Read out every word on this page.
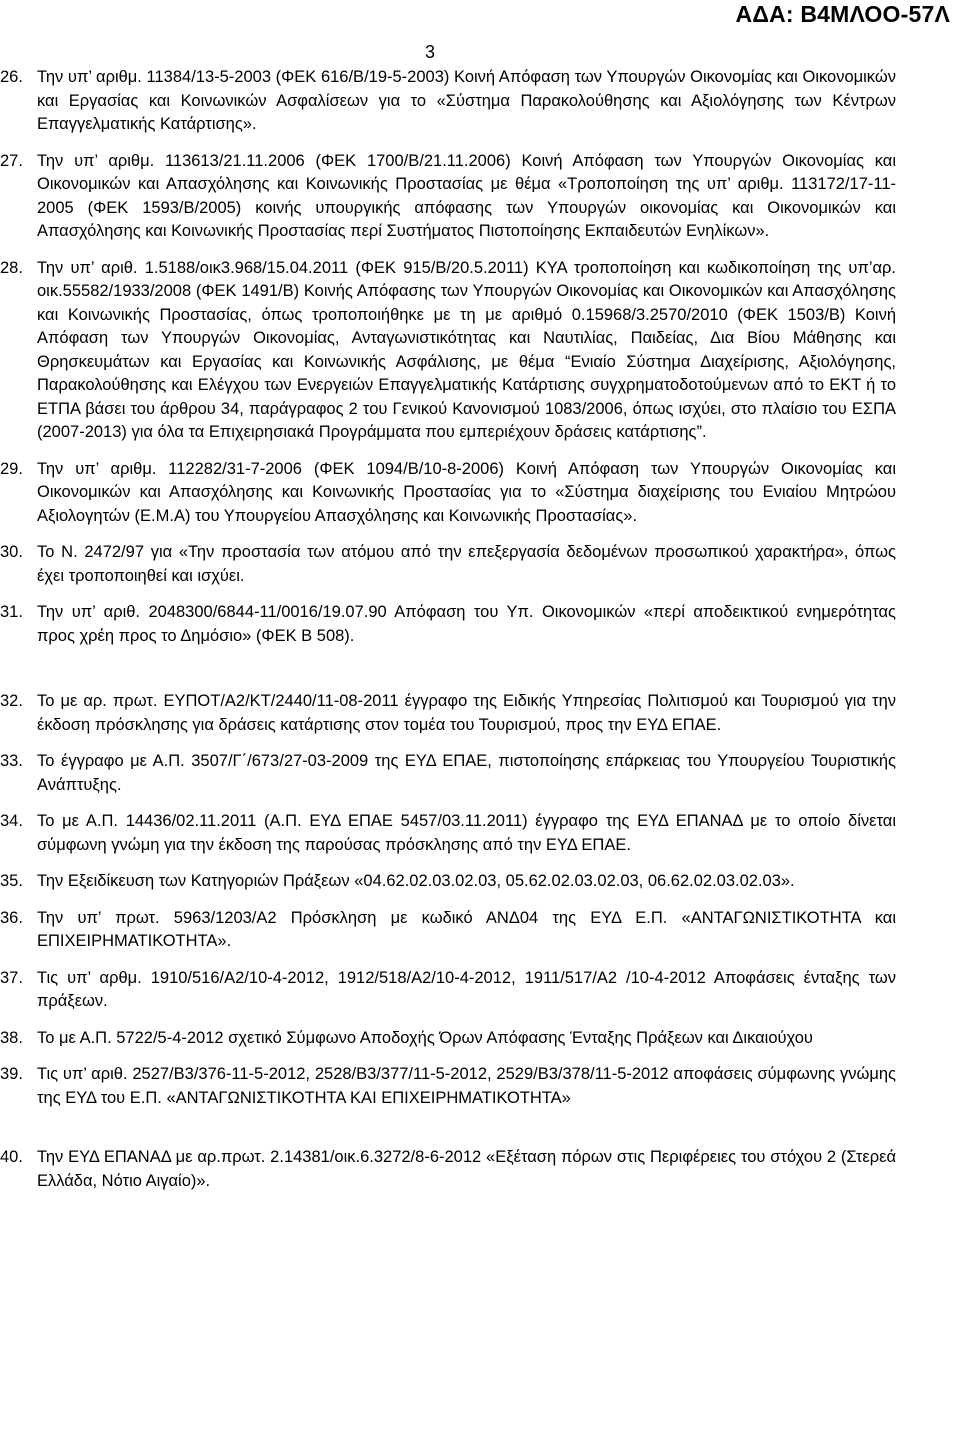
ΑΔΑ: Β4ΜΛΟΟ-57Λ
3
26. Την υπ’ αριθμ. 11384/13-5-2003 (ΦΕΚ 616/Β/19-5-2003) Κοινή Απόφαση των Υπουργών Οικονομίας και Οικονομικών και Εργασίας και Κοινωνικών Ασφαλίσεων για το «Σύστημα Παρακολούθησης και Αξιολόγησης των Κέντρων Επαγγελματικής Κατάρτισης».
27. Την υπ’ αριθμ. 113613/21.11.2006 (ΦΕΚ 1700/Β/21.11.2006) Κοινή Απόφαση των Υπουργών Οικονομίας και Οικονομικών και Απασχόλησης και Κοινωνικής Προστασίας με θέμα «Τροποποίηση της υπ’ αριθμ. 113172/17-11-2005 (ΦΕΚ 1593/Β/2005) κοινής υπουργικής απόφασης των Υπουργών οικονομίας και Οικονομικών και Απασχόλησης και Κοινωνικής Προστασίας περί Συστήματος Πιστοποίησης Εκπαιδευτών Ενηλίκων».
28. Την υπ’ αριθ. 1.5188/οικ3.968/15.04.2011 (ΦΕΚ 915/Β/20.5.2011) ΚΥΑ τροποποίηση και κωδικοποίηση της υπ’αρ. οικ.55582/1933/2008 (ΦΕΚ 1491/Β) Κοινής Απόφασης των Υπουργών Οικονομίας και Οικονομικών και Απασχόλησης και Κοινωνικής Προστασίας, όπως τροποποιήθηκε με τη με αριθμό 0.15968/3.2570/2010 (ΦΕΚ 1503/Β) Κοινή Απόφαση των Υπουργών Οικονομίας, Ανταγωνιστικότητας και Ναυτιλίας, Παιδείας, Δια Βίου Μάθησης και Θρησκευμάτων και Εργασίας και Κοινωνικής Ασφάλισης, με θέμα “Ενιαίο Σύστημα Διαχείρισης, Αξιολόγησης, Παρακολούθησης και Ελέγχου των Ενεργειών Επαγγελματικής Κατάρτισης συγχρηματοδοτούμενων από το ΕΚΤ ή το ΕΤΠΑ βάσει του άρθρου 34, παράγραφος 2 του Γενικού Κανονισμού 1083/2006, όπως ισχύει, στο πλαίσιο του ΕΣΠΑ (2007-2013) για όλα τα Επιχειρησιακά Προγράμματα που εμπεριέχουν δράσεις κατάρτισης”.
29. Την υπ’ αριθμ. 112282/31-7-2006 (ΦΕΚ 1094/Β/10-8-2006) Κοινή Απόφαση των Υπουργών Οικονομίας και Οικονομικών και Απασχόλησης και Κοινωνικής Προστασίας για το «Σύστημα διαχείρισης του Ενιαίου Μητρώου Αξιολογητών (Ε.Μ.Α) του Υπουργείου Απασχόλησης και Κοινωνικής Προστασίας».
30. Το Ν. 2472/97 για «Την προστασία των ατόμου από την επεξεργασία δεδομένων προσωπικού χαρακτήρα», όπως έχει τροποποιηθεί και ισχύει.
31. Την υπ’ αριθ. 2048300/6844-11/0016/19.07.90 Απόφαση του Υπ. Οικονομικών «περί αποδεικτικού ενημερότητας προς χρέη προς το Δημόσιο» (ΦΕΚ Β 508).
32. Το με αρ. πρωτ. ΕΥΠΟΤ/Α2/ΚΤ/2440/11-08-2011 έγγραφο της Ειδικής Υπηρεσίας Πολιτισμού και Τουρισμού για την έκδοση πρόσκλησης για δράσεις κατάρτισης στον τομέα του Τουρισμού, προς την ΕΥΔ ΕΠΑΕ.
33. Το έγγραφο με Α.Π. 3507/Γ΄/673/27-03-2009 της ΕΥΔ ΕΠΑΕ, πιστοποίησης επάρκειας του Υπουργείου Τουριστικής Ανάπτυξης.
34. Το με Α.Π. 14436/02.11.2011 (Α.Π. ΕΥΔ ΕΠΑΕ 5457/03.11.2011) έγγραφο της ΕΥΔ ΕΠΑΝΑΔ με το οποίο δίνεται σύμφωνη γνώμη για την έκδοση της παρούσας πρόσκλησης από την ΕΥΔ ΕΠΑΕ.
35. Την Εξειδίκευση των Κατηγοριών Πράξεων «04.62.02.03.02.03, 05.62.02.03.02.03, 06.62.02.03.02.03».
36. Την υπ’ πρωτ. 5963/1203/Α2 Πρόσκληση με κωδικό ΑΝΔ04 της ΕΥΔ Ε.Π. «ΑΝΤΑΓΩΝΙΣΤΙΚΟΤΗΤΑ και ΕΠΙΧΕΙΡΗΜΑΤΙΚΟΤΗΤΑ».
37. Τις υπ’ αρθμ. 1910/516/Α2/10-4-2012, 1912/518/Α2/10-4-2012, 1911/517/Α2 /10-4-2012 Αποφάσεις ένταξης των πράξεων.
38. Το με Α.Π. 5722/5-4-2012 σχετικό Σύμφωνο Αποδοχής Όρων Απόφασης Ένταξης Πράξεων και Δικαιούχου
39. Τις υπ’ αριθ. 2527/Β3/376-11-5-2012, 2528/Β3/377/11-5-2012, 2529/Β3/378/11-5-2012 αποφάσεις σύμφωνης γνώμης της ΕΥΔ του Ε.Π. «ΑΝΤΑΓΩΝΙΣΤΙΚΟΤΗΤΑ ΚΑΙ ΕΠΙΧΕΙΡΗΜΑΤΙΚΟΤΗΤΑ»
40. Την ΕΥΔ ΕΠΑΝΑΔ με αρ.πρωτ. 2.14381/οικ.6.3272/8-6-2012 «Εξέταση πόρων στις Περιφέρειες του στόχου 2 (Στερεά Ελλάδα, Νότιο Αιγαίο)».
